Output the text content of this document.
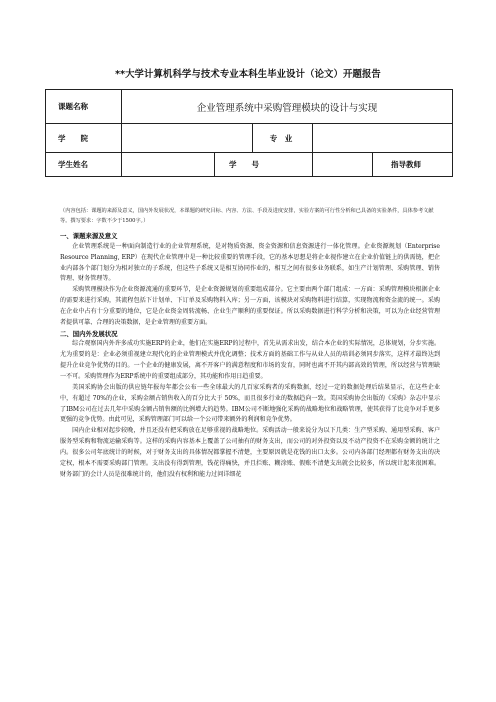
**大学计算机科学与技术专业本科生毕业设计（论文）开题报告
课题名称	企业管理系统中采购管理模块的设计与实现				
学　　院			专　业		
学生姓名		学　　号			指导教师
（内容包括：课题的来源及意义，国内外发展状况，本课题的研究目标、内容、方法、手段及进度安排，实验方案的可行性分析和已具备的实验条件，具体参考文献等。撰写要求：字数不少于1500字。）
一、课题来源及意义

企业管理系统是一种面向制造行业的企业管理系统，是对物质资源、资金资源和信息资源进行一体化管理。企业资源规划（Enterprise Resource Planning, ERP）在现代企业管理中是一种比较重要的管理手段，它的基本思想是将企业视作建立在企业价值链上的供需链，把企业内部各个部门划分为相对独立的子系统，但这些子系统又是相互协同作业的，相互之间有很多业务联系，如生产计划管理、采购管理、销售管理、财务管理等。

采购管理模块作为企业资源流通的重要环节，是企业资源规划的重要组成部分。它主要由两个部门组成：一方面：采购管理模块根据企业的需要来进行采购，其流程包括下计划单、下订单及采购物料入库；另一方面，该模块对采购物料进行结算，实现物流和资金流的统一。采购在企业中占有十分重要的地位，它是企业资金周转流畅、企业生产顺利的重要保证。所以采购数据进行科学分析和决策，可以为企业经营管理者提供可靠、合理的决策数据，是企业管理的重要方面。

二、国内外发展状况

综合观察国内外许多成功实施ERP的企业，他们在实施ERP的过程中，首先从需求出发，结合本企业的实际情况，总体规划，分步实施。尤为重要的是：企业必须重视建立现代化的企业管理模式并优化调整；技术方面的基础工作与从业人员的培训必须同步落实，这样才最终达到提升企业竞争优势的目的。一个企业的健康发展，离不开客户的满意程度和市场的发育，同时也离不开其内部高效的管理，所以经营与管理缺一不可。采购管理作为ERP系统中的重要组成部分，其功能和作用日趋重要。

美国采购协会出版的供应链年报每年都会公布一些全球最大的几百家采购者的采购数据，经过一定的数据处理后结果显示，在这些企业中，有超过 70%的企业，采购金额占销售收入的百分比大于 50%，而且很多行业的数据趋向一致。美国采购协会出版的《采购》杂志中显示了IBM公司在过去几年中采购金额占销售额的比例增大的趋势。IBM公司不断地强化采购的战略地位和战略管理，使其获得了比竞争对手更多更强的竞争优势。由此可见，采购管理部门可以给一个公司带来额外的利润和竞争优势。

国内企业相对起步较晚，并且还没有把采购放在足够重视的战略地位。采购活动一般来说分为以下几类：生产型采购、通用型采购、客户服务型采购和物流运输采购等。这样的采购内容基本上覆盖了公司抽有的财务支出，而公司的对外投资以及不动产投资不在采购金额的统计之内。很多公司年底统计的时候，对于财务支出的具体情况都掌握不清楚，主要原因就是花钱的出口太多。公司内各部门经理都有财务支出的决定权，根本不需要采购部门管理。支出没有得到管理，钱花得痛快，并且拦账、糊涂账、假账不清楚支出就会比较多，所以统计起来很困难。财务部门的会计人员是很难统计的，他们没有权利和能力过问详细花
